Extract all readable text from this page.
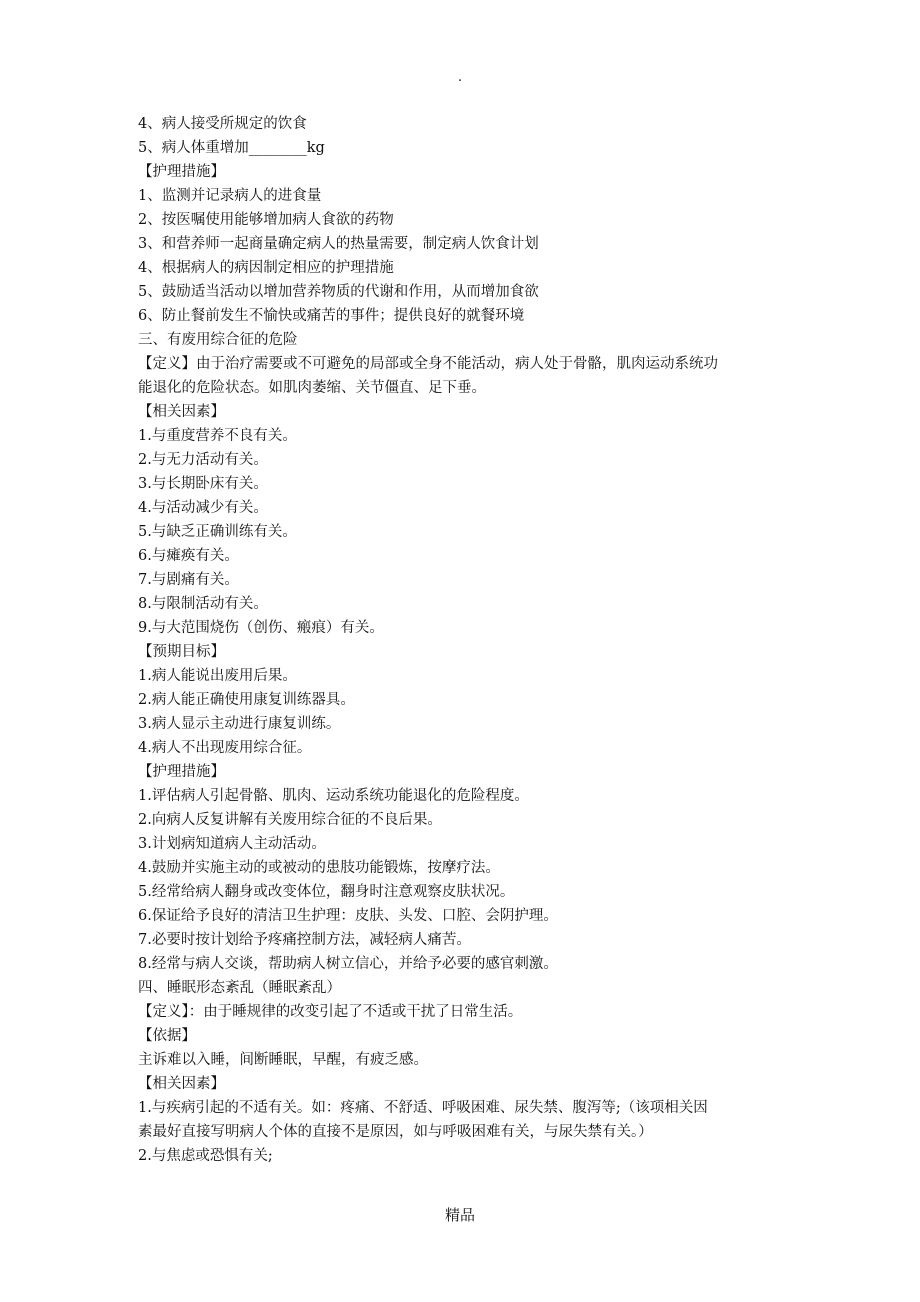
.
4、病人接受所规定的饮食
5、病人体重增加________kg
【护理措施】
1、监测并记录病人的进食量
2、按医嘱使用能够增加病人食欲的药物
3、和营养师一起商量确定病人的热量需要，制定病人饮食计划
4、根据病人的病因制定相应的护理措施
5、鼓励适当活动以增加营养物质的代谢和作用，从而增加食欲
6、防止餐前发生不愉快或痛苦的事件；提供良好的就餐环境
三、有废用综合征的危险
【定义】由于治疗需要或不可避免的局部或全身不能活动，病人处于骨骼，肌肉运动系统功
能退化的危险状态。如肌肉萎缩、关节僵直、足下垂。
【相关因素】
1.与重度营养不良有关。
2.与无力活动有关。
3.与长期卧床有关。
4.与活动减少有关。
5.与缺乏正确训练有关。
6.与瘫痪有关。
7.与剧痛有关。
8.与限制活动有关。
9.与大范围烧伤（创伤、瘢痕）有关。
【预期目标】
1.病人能说出废用后果。
2.病人能正确使用康复训练器具。
3.病人显示主动进行康复训练。
4.病人不出现废用综合征。
【护理措施】
1.评估病人引起骨骼、肌肉、运动系统功能退化的危险程度。
2.向病人反复讲解有关废用综合征的不良后果。
3.计划病知道病人主动活动。
4.鼓励并实施主动的或被动的患肢功能锻炼，按摩疗法。
5.经常给病人翻身或改变体位，翻身时注意观察皮肤状况。
6.保证给予良好的清洁卫生护理：皮肤、头发、口腔、会阴护理。
7.必要时按计划给予疼痛控制方法，减轻病人痛苦。
8.经常与病人交谈，帮助病人树立信心，并给予必要的感官刺激。
四、睡眠形态紊乱（睡眠紊乱）
【定义】：由于睡规律的改变引起了不适或干扰了日常生活。
【依据】
主诉难以入睡，间断睡眠，早醒，有疲乏感。
【相关因素】
1.与疾病引起的不适有关。如：疼痛、不舒适、呼吸困难、尿失禁、腹泻等;（该项相关因
素最好直接写明病人个体的直接不是原因，如与呼吸困难有关，与尿失禁有关。）
2.与焦虑或恐惧有关;
精品
